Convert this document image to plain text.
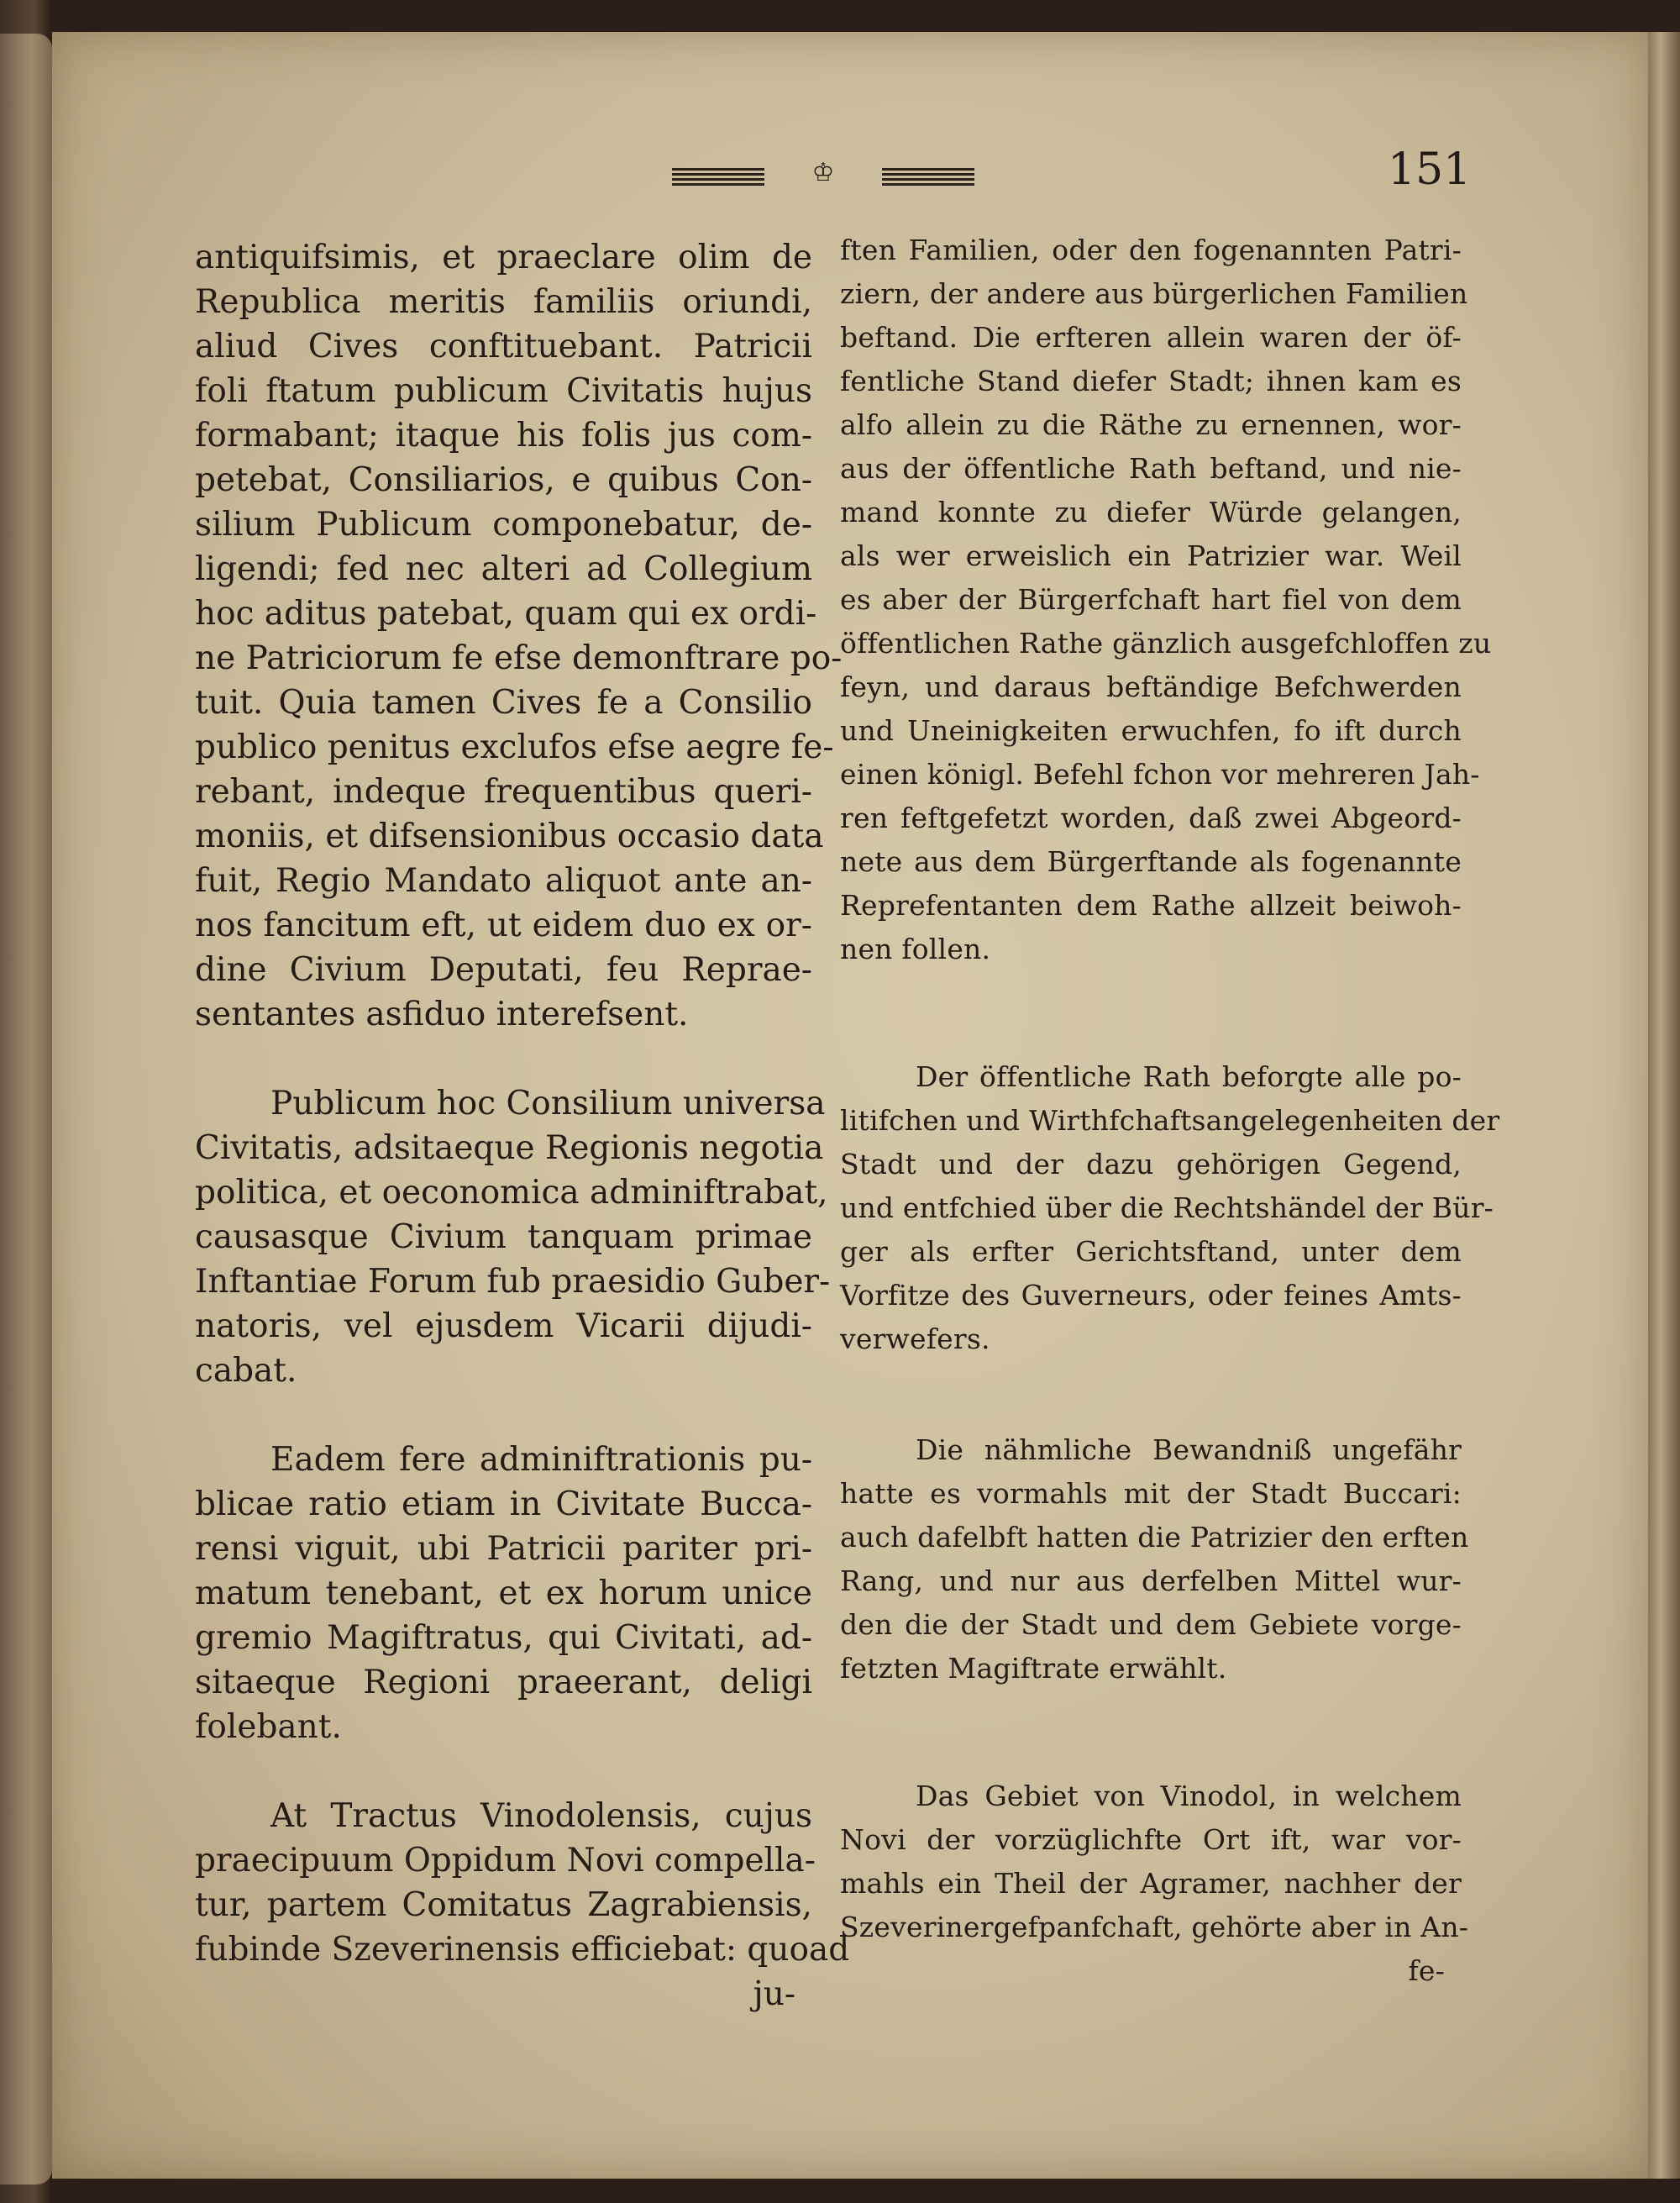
♔	151
antiquifsimis, et praeclare olim de
Republica meritis familiis oriundi,
aliud Cives conftituebant. Patricii
foli ftatum publicum Civitatis hujus
formabant; itaque his folis jus com-
petebat, Consiliarios, e quibus Con-
silium Publicum componebatur, de-
ligendi; fed nec alteri ad Collegium
hoc aditus patebat, quam qui ex ordi-
ne Patriciorum fe efse demonftrare po-
tuit. Quia tamen Cives fe a Consilio
publico penitus exclufos efse aegre fe-
rebant, indeque frequentibus queri-
moniis, et difsensionibus occasio data
fuit, Regio Mandato aliquot ante an-
nos fancitum eft, ut eidem duo ex or-
dine Civium Deputati, feu Reprae-
sentantes asfiduo interefsent.
Publicum hoc Consilium universa
Civitatis, adsitaeque Regionis negotia
politica, et oeconomica adminiftrabat,
causasque Civium tanquam primae
Inftantiae Forum fub praesidio Guber-
natoris, vel ejusdem Vicarii dijudi-
cabat.
Eadem fere adminiftrationis pu-
blicae ratio etiam in Civitate Bucca-
rensi viguit, ubi Patricii pariter pri-
matum tenebant, et ex horum unice
gremio Magiftratus, qui Civitati, ad-
sitaeque Regioni praeerant, deligi
folebant.
At Tractus Vinodolensis, cujus
praecipuum Oppidum Novi compella-
tur, partem Comitatus Zagrabiensis,
fubinde Szeverinensis efficiebat: quoad
ju-
ften Familien, oder den fogenannten Patri-
ziern, der andere aus bürgerlichen Familien
beftand. Die erfteren allein waren der öf-
fentliche Stand diefer Stadt; ihnen kam es
alfo allein zu die Räthe zu ernennen, wor-
aus der öffentliche Rath beftand, und nie-
mand konnte zu diefer Würde gelangen,
als wer erweislich ein Patrizier war. Weil
es aber der Bürgerfchaft hart fiel von dem
öffentlichen Rathe gänzlich ausgefchloffen zu
feyn, und daraus beftändige Befchwerden
und Uneinigkeiten erwuchfen, fo ift durch
einen königl. Befehl fchon vor mehreren Jah-
ren feftgefetzt worden, daß zwei Abgeord-
nete aus dem Bürgerftande als fogenannte
Reprefentanten dem Rathe allzeit beiwoh-
nen follen.
Der öffentliche Rath beforgte alle po-
litifchen und Wirthfchaftsangelegenheiten der
Stadt und der dazu gehörigen Gegend,
und entfchied über die Rechtshändel der Bür-
ger als erfter Gerichtsftand, unter dem
Vorfitze des Guverneurs, oder feines Amts-
verwefers.
Die nähmliche Bewandniß ungefähr
hatte es vormahls mit der Stadt Buccari:
auch dafelbft hatten die Patrizier den erften
Rang, und nur aus derfelben Mittel wur-
den die der Stadt und dem Gebiete vorge-
fetzten Magiftrate erwählt.
Das Gebiet von Vinodol, in welchem
Novi der vorzüglichfte Ort ift, war vor-
mahls ein Theil der Agramer, nachher der
Szeverinergefpanfchaft, gehörte aber in An-
fe-
